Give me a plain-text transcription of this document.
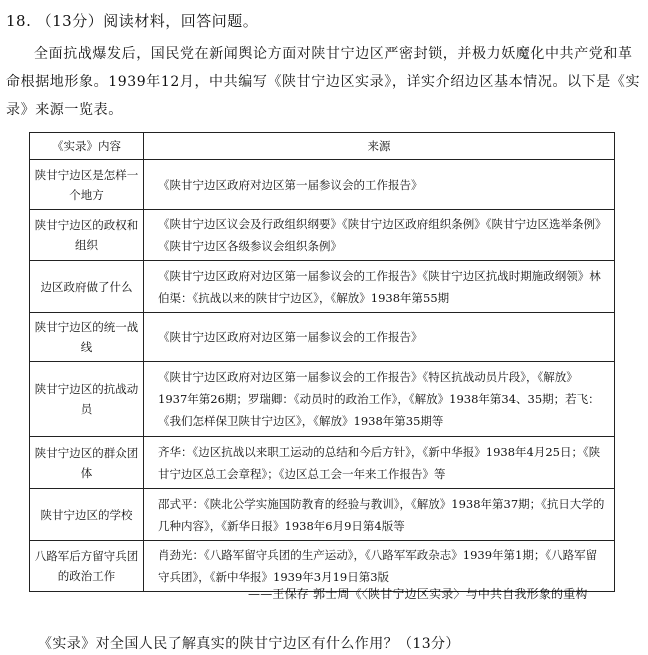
18. （13分）阅读材料，回答问题。
全面抗战爆发后，国民党在新闻舆论方面对陕甘宁边区严密封锁，并极力妖魔化中共产党和革命根据地形象。1939年12月，中共编写《陕甘宁边区实录》，详实介绍边区基本情况。以下是《实录》来源一览表。
《实录》内容	来源
陕甘宁边区是怎样一个地方	《陕甘宁边区政府对边区第一届参议会的工作报告》
陕甘宁边区的政权和组织	《陕甘宁边区议会及行政组织纲要》《陕甘宁边区政府组织条例》《陕甘宁边区选举条例》《陕甘宁边区各级参议会组织条例》
边区政府做了什么	《陕甘宁边区政府对边区第一届参议会的工作报告》《陕甘宁边区抗战时期施政纲领》林伯渠：《抗战以来的陕甘宁边区》，《解放》1938年第55期
陕甘宁边区的统一战线	《陕甘宁边区政府对边区第一届参议会的工作报告》
陕甘宁边区的抗战动员	《陕甘宁边区政府对边区第一届参议会的工作报告》《特区抗战动员片段》，《解放》1937年第26期；罗瑞卿：《动员时的政治工作》，《解放》1938年第34、35期；若飞：《我们怎样保卫陕甘宁边区》，《解放》1938年第35期等
陕甘宁边区的群众团体	齐华：《边区抗战以来职工运动的总结和今后方针》，《新中华报》1938年4月25日；《陕甘宁边区总工会章程》；《边区总工会一年来工作报告》等
陕甘宁边区的学校	邵式平：《陕北公学实施国防教育的经验与教训》，《解放》1938年第37期；《抗日大学的几种内容》，《新华日报》1938年6月9日第4版等
八路军后方留守兵团的政治工作	肖劲光：《八路军留守兵团的生产运动》，《八路军军政杂志》1939年第1期；《八路军留守兵团》，《新中华报》1939年3月19日第3版
——王保存 郭士周《〈陕甘宁边区实录〉与中共自我形象的重构
《实录》对全国人民了解真实的陕甘宁边区有什么作用？（13分）
